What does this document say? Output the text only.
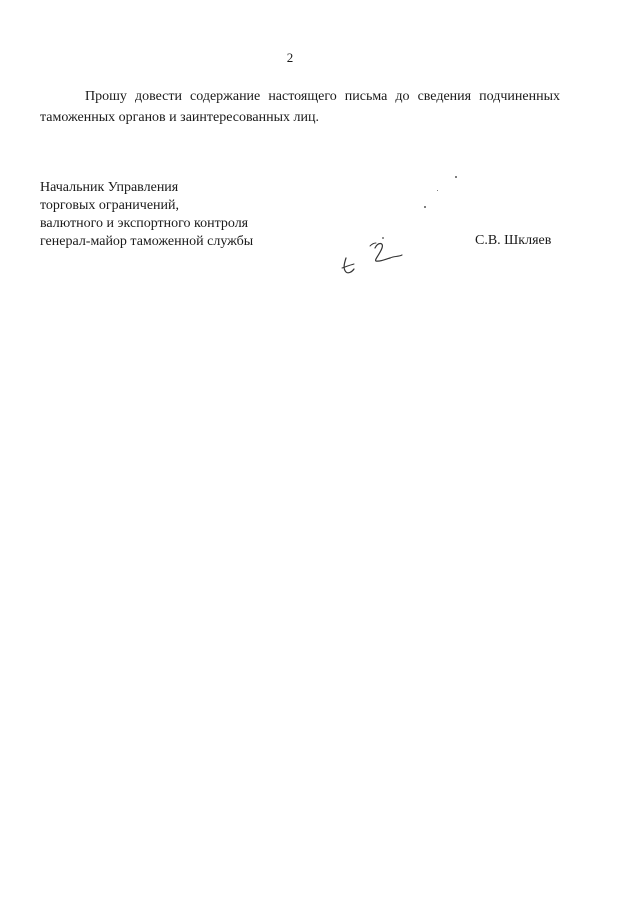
2

Прошу довести содержание настоящего письма до сведения подчиненных таможенных органов и заинтересованных лиц.

Начальник Управления
торговых ограничений,
валютного и экспортного контроля
генерал-майор таможенной службы	С.В. Шкляев
